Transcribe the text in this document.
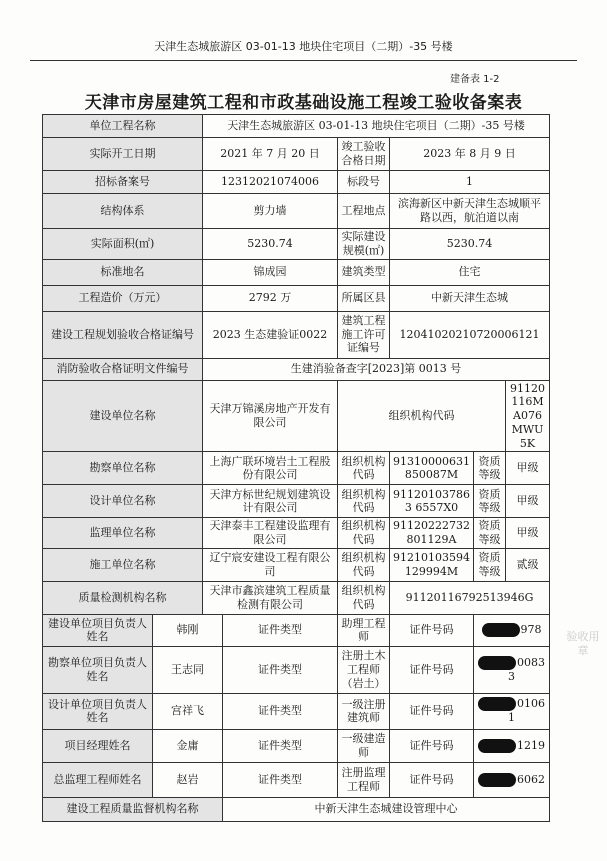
天津生态城旅游区 03-01-13 地块住宅项目（二期）-35 号楼
建备表 1-2
天津市房屋建筑工程和市政基础设施工程竣工验收备案表
单位工程名称		天津生态城旅游区 03-01-13 地块住宅项目（二期）-35 号楼					
实际开工日期		2021 年 7 月 20 日		竣工验收合格日期	2023 年 8 月 9 日		
招标备案号		12312021074006		标段号	1		
结构体系		剪力墙		工程地点	滨海新区中新天津生态城顺平路以西，航泊道以南		
实际面积(㎡)		5230.74		实际建设规模(㎡)	5230.74		
标准地名		锦成园		建筑类型	住宅		
工程造价（万元）		2792 万		所属区县	中新天津生态城		
建设工程规划验收合格证编号		2023 生态建验证0022		建筑工程施工许可证编号	12041020210720006121		
消防验收合格证明文件编号		生建消验备查字[2023]第 0013 号					
建设单位名称		天津万锦溪房地产开发有限公司		组织机构代码			91120116MA076MWU5K
勘察单位名称		上海广联环境岩土工程股份有限公司		组织机构代码	91310000631850087M	资质等级	甲级
设计单位名称		天津方标世纪规划建筑设计有限公司		组织机构代码	911201037863 6557X0	资质等级	甲级
监理单位名称		天津泰丰工程建设监理有限公司		组织机构代码	91120222732801129A	资质等级	甲级
施工单位名称		辽宁宸安建设工程有限公司		组织机构代码	91210103594129994M	资质等级	贰级
质量检测机构名称		天津市鑫滨建筑工程质量检测有限公司		组织机构代码	91120116792513946G		
建设单位项目负责人姓名	韩刚		证件类型	助理工程师	证件号码	978	
勘察单位项目负责人姓名	王志同		证件类型	注册土木工程师（岩土）	证件号码	00833	
设计单位项目负责人姓名	宫祥飞		证件类型	一级注册建筑师	证件号码	01061	
项目经理姓名	金庸		证件类型	一级建造师	证件号码	1219	
总监理工程师姓名	赵岩		证件类型	注册监理工程师	证件号码	6062	
建设工程质量监督机构名称			中新天津生态城建设管理中心				
验收用章
